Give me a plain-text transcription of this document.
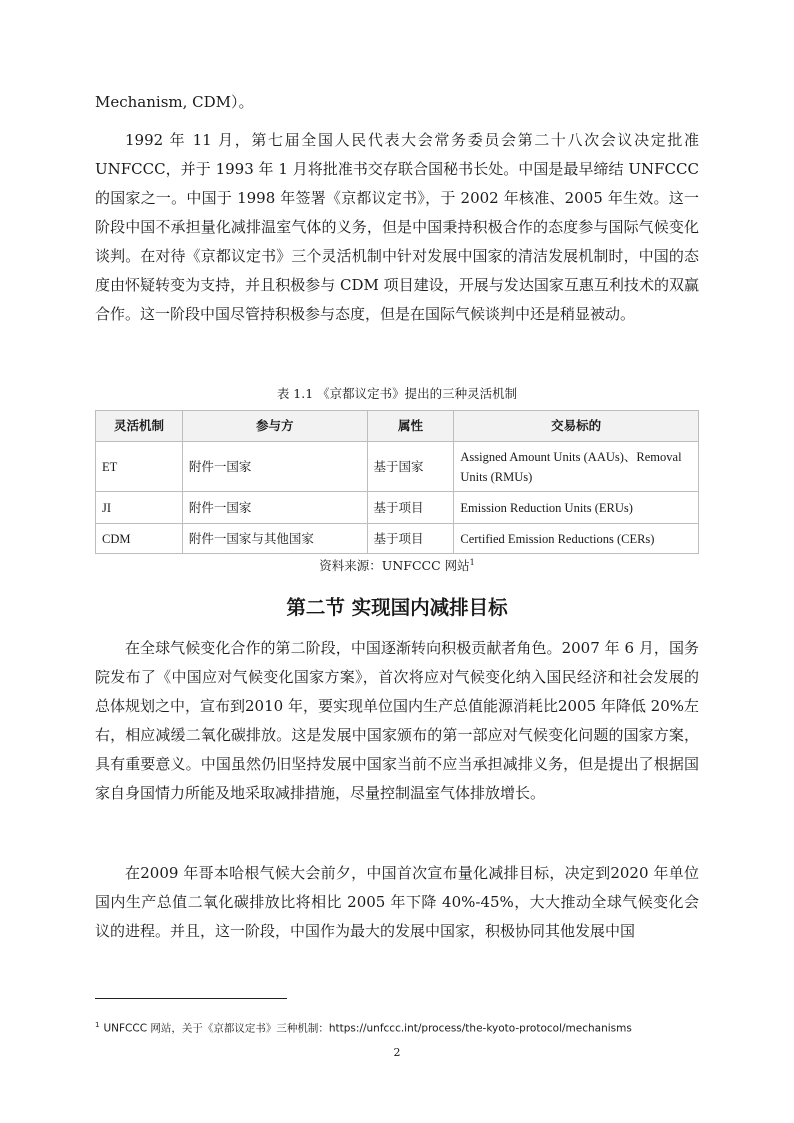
Mechanism, CDM）。

1992 年 11 月，第七届全国人民代表大会常务委员会第二十八次会议决定批准UNFCCC，并于 1993 年 1 月将批准书交存联合国秘书长处。中国是最早缔结 UNFCCC 的国家之一。中国于 1998 年签署《京都议定书》，于 2002 年核准、2005 年生效。这一阶段中国不承担量化减排温室气体的义务，但是中国秉持积极合作的态度参与国际气候变化谈判。在对待《京都议定书》三个灵活机制中针对发展中国家的清洁发展机制时，中国的态度由怀疑转变为支持，并且积极参与 CDM 项目建设，开展与发达国家互惠互利技术的双赢合作。这一阶段中国尽管持积极参与态度，但是在国际气候谈判中还是稍显被动。

表 1.1 《京都议定书》提出的三种灵活机制
灵活机制	参与方	属性	交易标的
ET	附件一国家	基于国家	Assigned Amount Units (AAUs)、Removal Units (RMUs)
JI	附件一国家	基于项目	Emission Reduction Units (ERUs)
CDM	附件一国家与其他国家	基于项目	Certified Emission Reductions (CERs)
资料来源：UNFCCC 网站$^1$
第二节 实现国内减排目标

在全球气候变化合作的第二阶段，中国逐渐转向积极贡献者角色。2007 年 6 月，国务院发布了《中国应对气候变化国家方案》，首次将应对气候变化纳入国民经济和社会发展的总体规划之中，宣布到2010 年，要实现单位国内生产总值能源消耗比2005 年降低 20%左右，相应减缓二氧化碳排放。这是发展中国家颁布的第一部应对气候变化问题的国家方案，具有重要意义。中国虽然仍旧坚持发展中国家当前不应当承担减排义务，但是提出了根据国家自身国情力所能及地采取减排措施，尽量控制温室气体排放增长。

在2009 年哥本哈根气候大会前夕，中国首次宣布量化减排目标，决定到2020 年单位国内生产总值二氧化碳排放比将相比 2005 年下降 40%-45%，大大推动全球气候变化会议的进程。并且，这一阶段，中国作为最大的发展中国家，积极协同其他发展中国

$^1$ UNFCCC 网站，关于《京都议定书》三种机制：https://unfccc.int/process/the-kyoto-protocol/mechanisms
2
